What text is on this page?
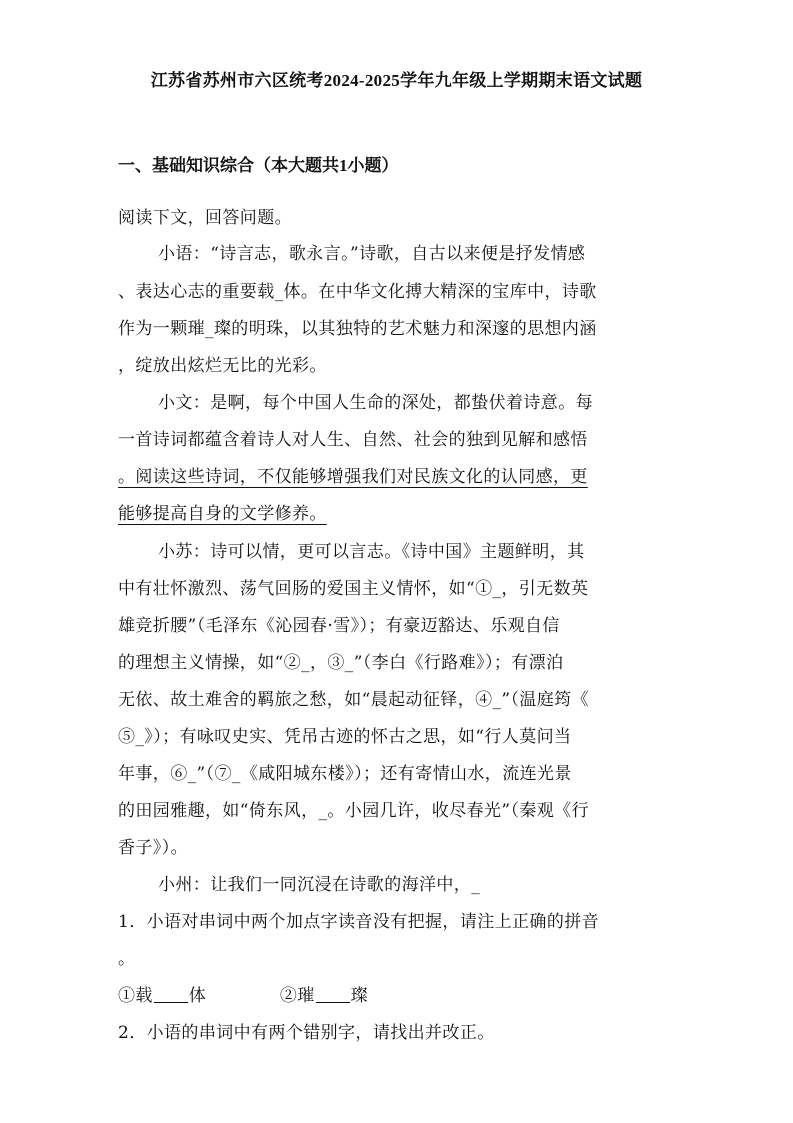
江苏省苏州市六区统考2024-2025学年九年级上学期期末语文试题
一、基础知识综合（本大题共1小题）
阅读下文，回答问题。
小语：“诗言志，歌永言。”诗歌，自古以来便是抒发情感
、表达心志的重要载_体。在中华文化搏大精深的宝库中，诗歌
作为一颗璀_璨的明珠，以其独特的艺术魅力和深邃的思想内涵
，绽放出炫烂无比的光彩。
小文：是啊，每个中国人生命的深处，都蛰伏着诗意。每
一首诗词都蕴含着诗人对人生、自然、社会的独到见解和感悟
。阅读这些诗词，不仅能够增强我们对民族文化的认同感，更
能够提高自身的文学修养。
小苏：诗可以情，更可以言志。《诗中国》主题鲜明，其
中有壮怀激烈、荡气回肠的爱国主义情怀，如“①_，引无数英
雄竞折腰”（毛泽东《沁园春·雪》）；有豪迈豁达、乐观自信
的理想主义情操，如“②_，③_”（李白《行路难》）；有漂泊
无依、故土难舍的羁旅之愁，如“晨起动征铎，④_”（温庭筠《
⑤_》）；有咏叹史实、凭吊古迹的怀古之思，如“行人莫问当
年事，⑥_”（⑦_《咸阳城东楼》）；还有寄情山水，流连光景
的田园雅趣，如“倚东风，_。小园几许，收尽春光”（秦观《行
香子》）。
小州：让我们一同沉浸在诗歌的海洋中，_
1．小语对串词中两个加点字读音没有把握，请注上正确的拼音
。
①载 体	②璀 璨
2．小语的串词中有两个错别字，请找出并改正。
